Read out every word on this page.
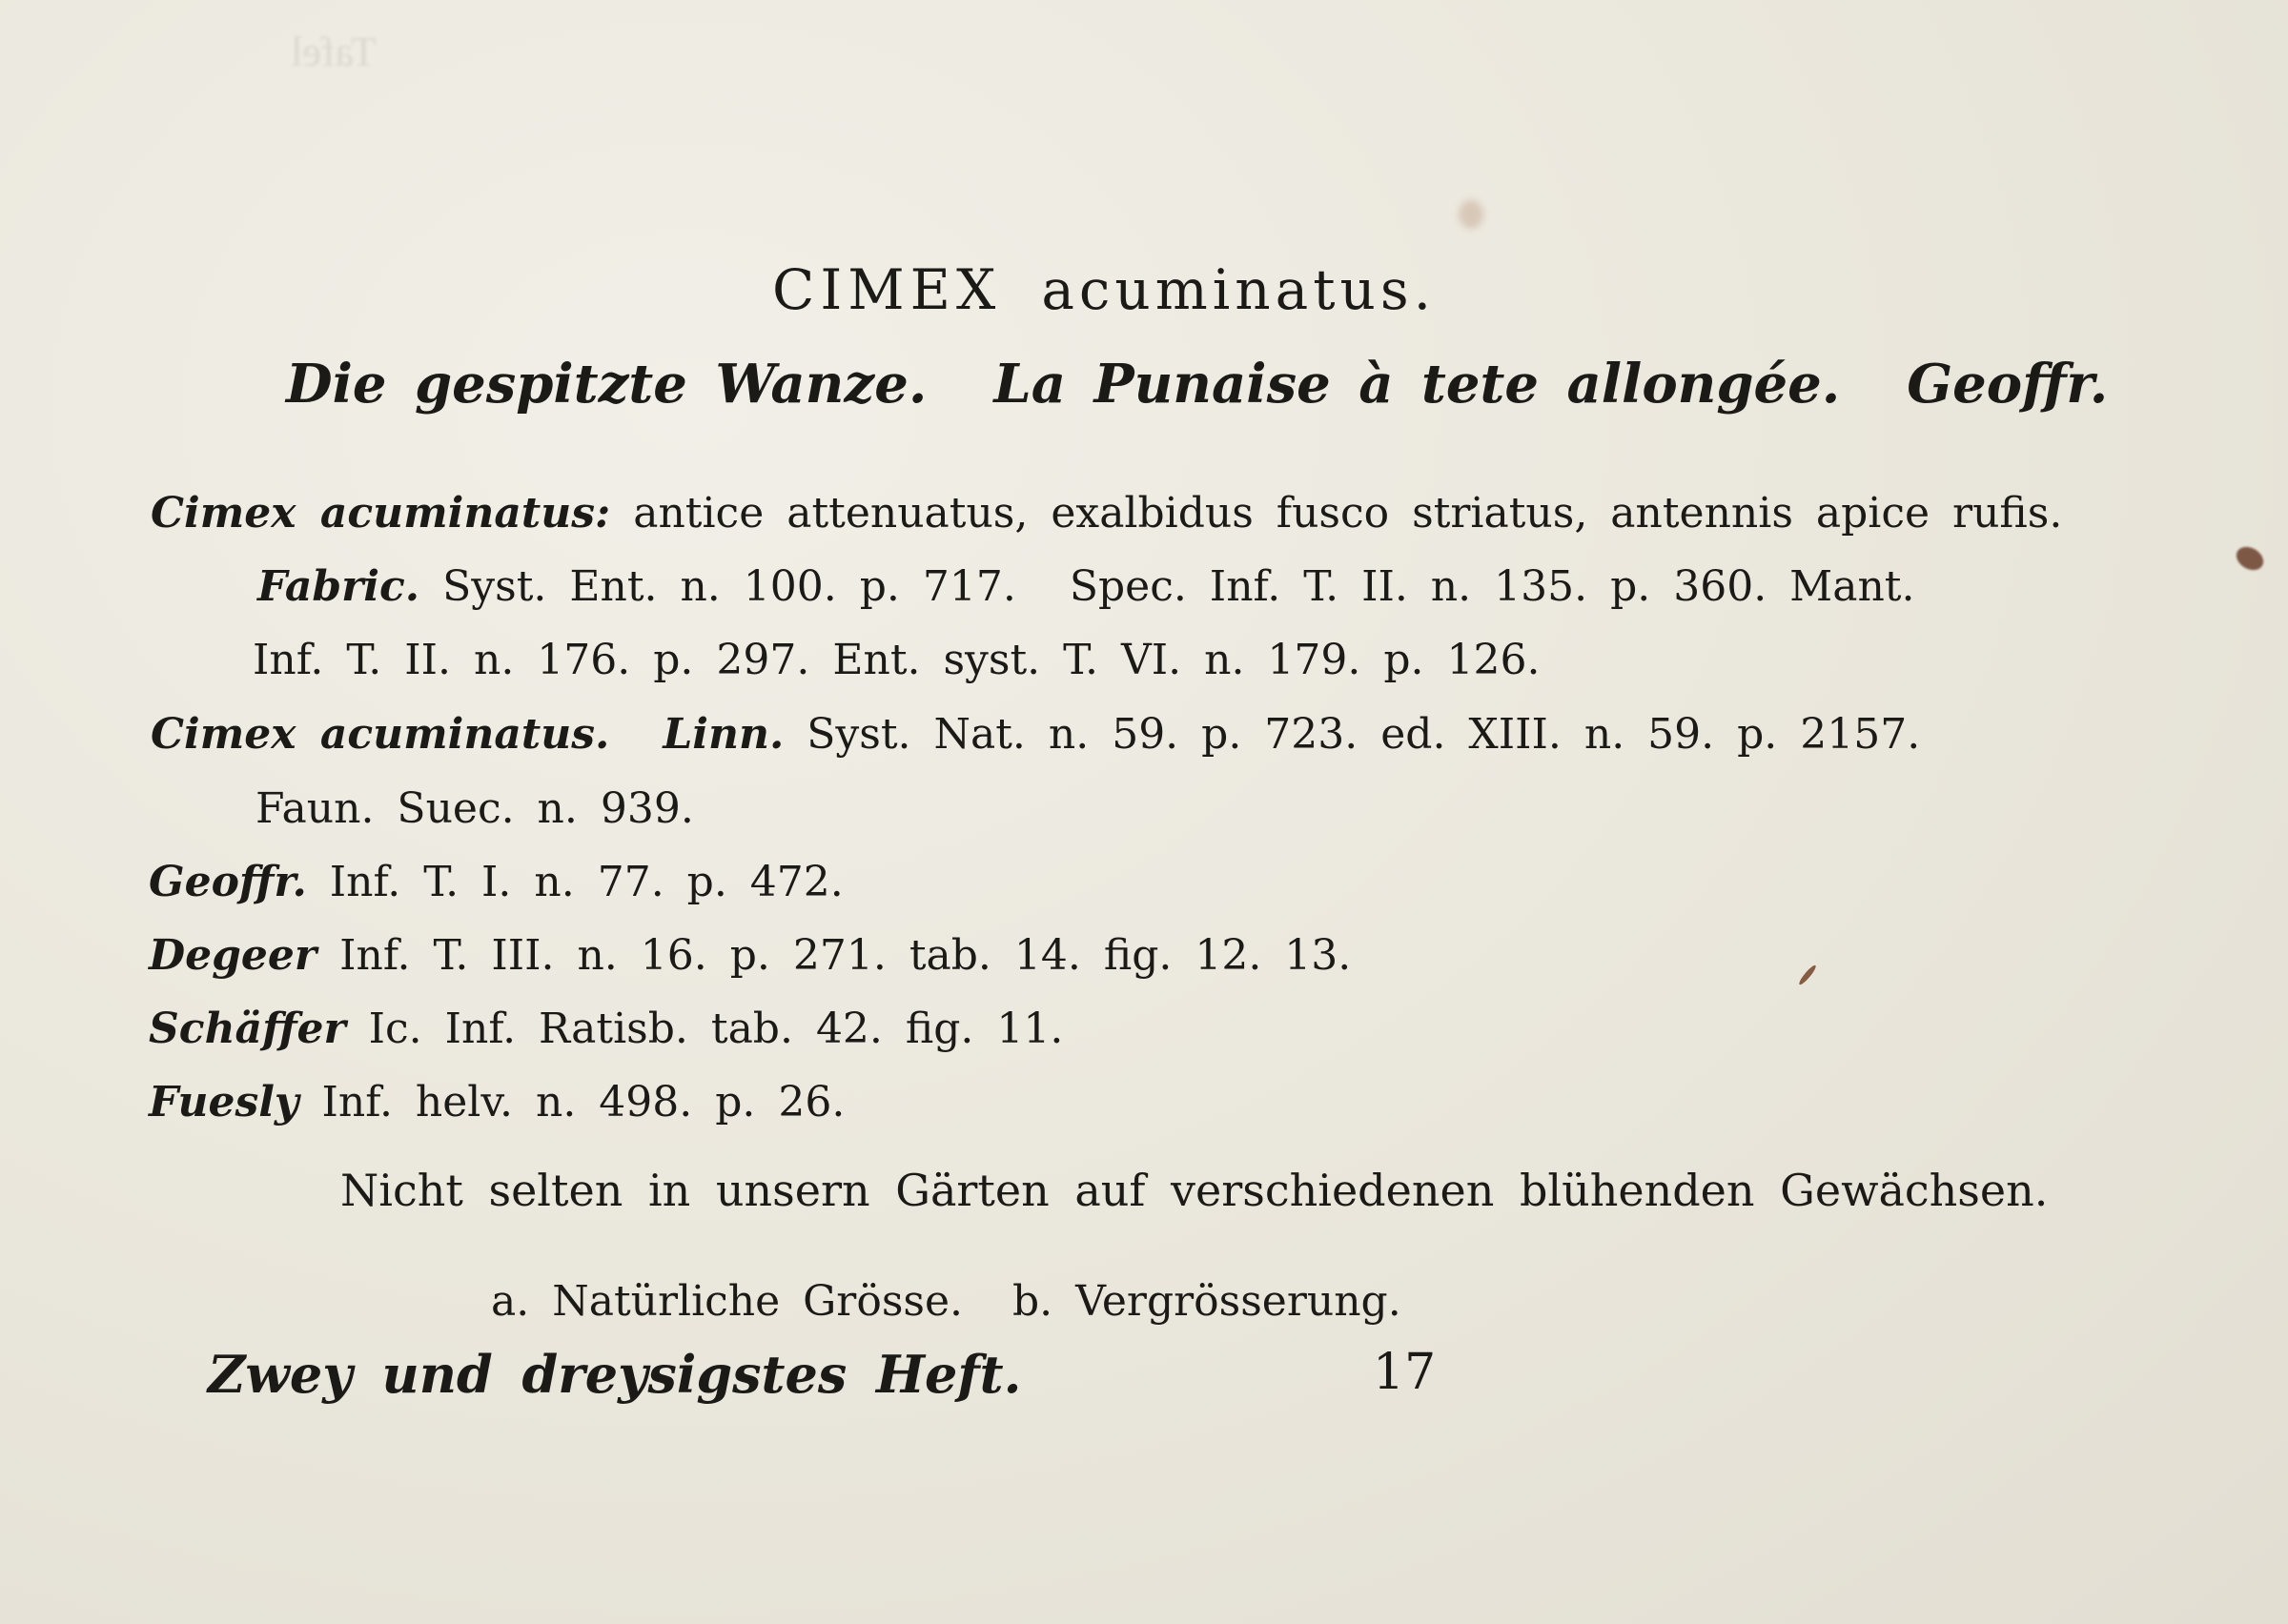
Tafel

CIMEX acuminatus.
Die gespitzte Wanze. La Punaise à tete allongée. Geoffr.
Cimex acuminatus: antice attenuatus, exalbidus fusco striatus, antennis apice rufis.
Fabric. Syst. Ent. n. 100. p. 717. Spec. Inf. T. II. n. 135. p. 360. Mant.
Inf. T. II. n. 176. p. 297. Ent. syst. T. VI. n. 179. p. 126.
Cimex acuminatus. Linn. Syst. Nat. n. 59. p. 723. ed. XIII. n. 59. p. 2157.
Faun. Suec. n. 939.
Geoffr. Inf. T. I. n. 77. p. 472.
Degeer Inf. T. III. n. 16. p. 271. tab. 14. fig. 12. 13.
Schäffer Ic. Inf. Ratisb. tab. 42. fig. 11.
Fuesly Inf. helv. n. 498. p. 26.
Nicht selten in unsern Gärten auf verschiedenen blühenden Gewächsen.
a. Natürliche Grösse. b. Vergrösserung.
Zwey und dreysigstes Heft.	17
